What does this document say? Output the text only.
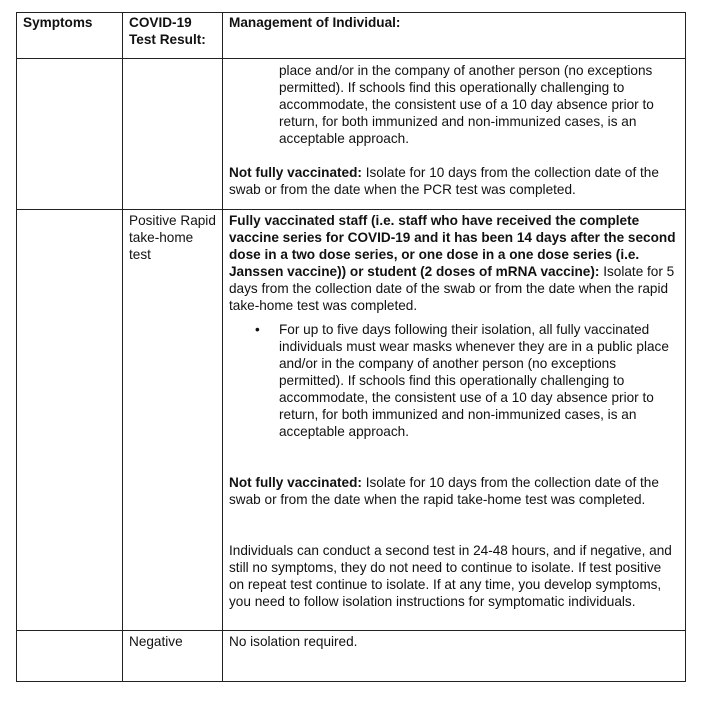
Symptoms	COVID-19 Test Result:	Management of Individual:

		place and/or in the company of another person (no exceptions permitted). If schools find this operationally challenging to accommodate, the consistent use of a 10 day absence prior to return, for both immunized and non-immunized cases, is an acceptable approach.

Not fully vaccinated: Isolate for 10 days from the collection date of the swab or from the date when the PCR test was completed.

	Positive Rapid take-home test	Fully vaccinated staff (i.e. staff who have received the complete vaccine series for COVID-19 and it has been 14 days after the second dose in a two dose series, or one dose in a one dose series (i.e. Janssen vaccine)) or student (2 doses of mRNA vaccine): Isolate for 5 days from the collection date of the swab or from the date when the rapid take-home test was completed.

• For up to five days following their isolation, all fully vaccinated individuals must wear masks whenever they are in a public place and/or in the company of another person (no exceptions permitted). If schools find this operationally challenging to accommodate, the consistent use of a 10 day absence prior to return, for both immunized and non-immunized cases, is an acceptable approach.

Not fully vaccinated: Isolate for 10 days from the collection date of the swab or from the date when the rapid take-home test was completed.

Individuals can conduct a second test in 24-48 hours, and if negative, and still no symptoms, they do not need to continue to isolate. If test positive on repeat test continue to isolate. If at any time, you develop symptoms, you need to follow isolation instructions for symptomatic individuals.

	Negative	No isolation required.
